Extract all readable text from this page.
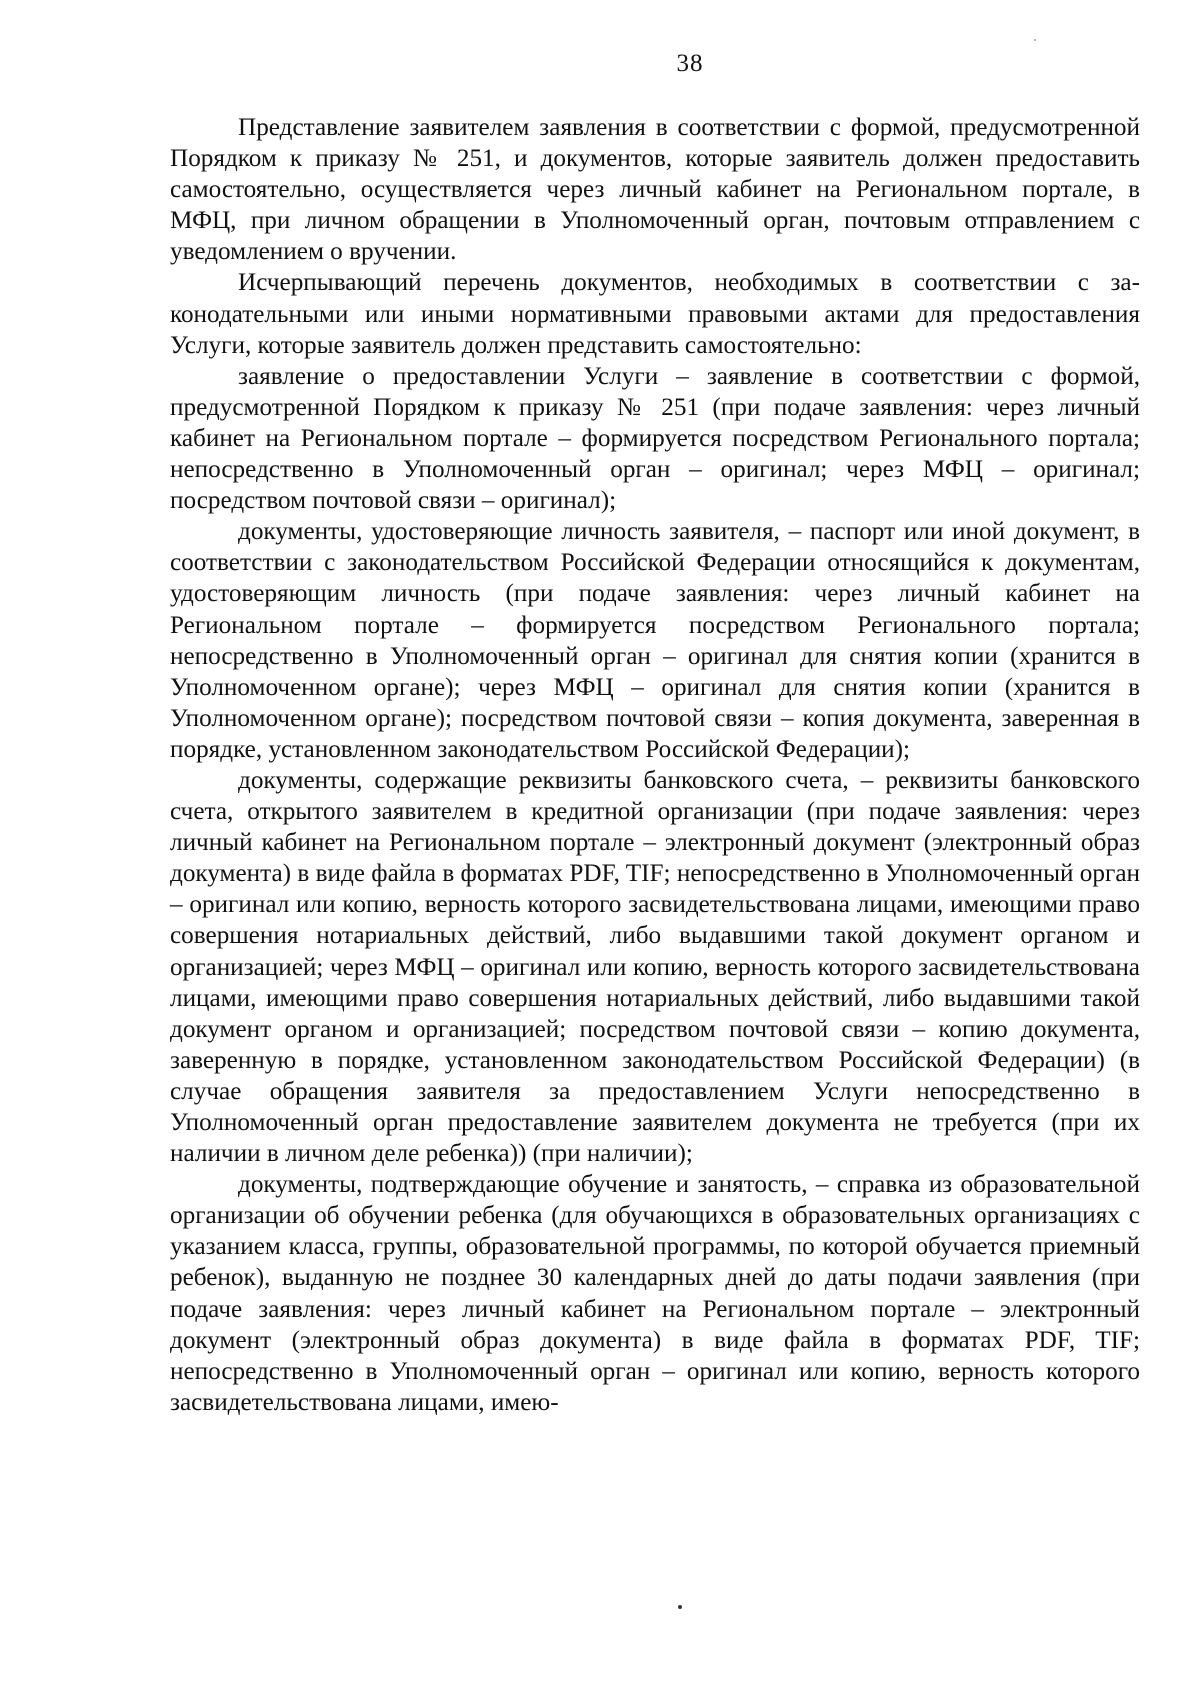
38

Представление заявителем заявления в соответствии с формой, предусмотренной Порядком к приказу № 251, и документов, которые заявитель должен предоставить самостоятельно, осуществляется через личный кабинет на Региональном портале, в МФЦ, при личном обращении в Уполномоченный орган, почтовым отправлением с уведомлением о вручении.

Исчерпывающий перечень документов, необходимых в соответствии с законодательными или иными нормативными правовыми актами для предоставления Услуги, которые заявитель должен представить самостоятельно:

заявление о предоставлении Услуги – заявление в соответствии с формой, предусмотренной Порядком к приказу № 251 (при подаче заявления: через личный кабинет на Региональном портале – формируется посредством Регионального портала; непосредственно в Уполномоченный орган – оригинал; через МФЦ – оригинал; посредством почтовой связи – оригинал);

документы, удостоверяющие личность заявителя, – паспорт или иной документ, в соответствии с законодательством Российской Федерации относящийся к документам, удостоверяющим личность (при подаче заявления: через личный кабинет на Региональном портале – формируется посредством Регионального портала; непосредственно в Уполномоченный орган – оригинал для снятия копии (хранится в Уполномоченном органе); через МФЦ – оригинал для снятия копии (хранится в Уполномоченном органе); посредством почтовой связи – копия документа, заверенная в порядке, установленном законодательством Российской Федерации);

документы, содержащие реквизиты банковского счета, – реквизиты банковского счета, открытого заявителем в кредитной организации (при подаче заявления: через личный кабинет на Региональном портале – электронный документ (электронный образ документа) в виде файла в форматах PDF, TIF; непосредственно в Уполномоченный орган – оригинал или копию, верность которого засвидетельствована лицами, имеющими право совершения нотариальных действий, либо выдавшими такой документ органом и организацией; через МФЦ – оригинал или копию, верность которого засвидетельствована лицами, имеющими право совершения нотариальных действий, либо выдавшими такой документ органом и организацией; посредством почтовой связи – копию документа, заверенную в порядке, установленном законодательством Российской Федерации) (в случае обращения заявителя за предоставлением Услуги непосредственно в Уполномоченный орган предоставление заявителем документа не требуется (при их наличии в личном деле ребенка)) (при наличии);

документы, подтверждающие обучение и занятость, – справка из образовательной организации об обучении ребенка (для обучающихся в образовательных организациях с указанием класса, группы, образовательной программы, по которой обучается приемный ребенок), выданную не позднее 30 календарных дней до даты подачи заявления (при подаче заявления: через личный кабинет на Региональном портале – электронный документ (электронный образ документа) в виде файла в форматах PDF, TIF; непосредственно в Уполномоченный орган – оригинал или копию, верность которого засвидетельствована лицами, имею-
